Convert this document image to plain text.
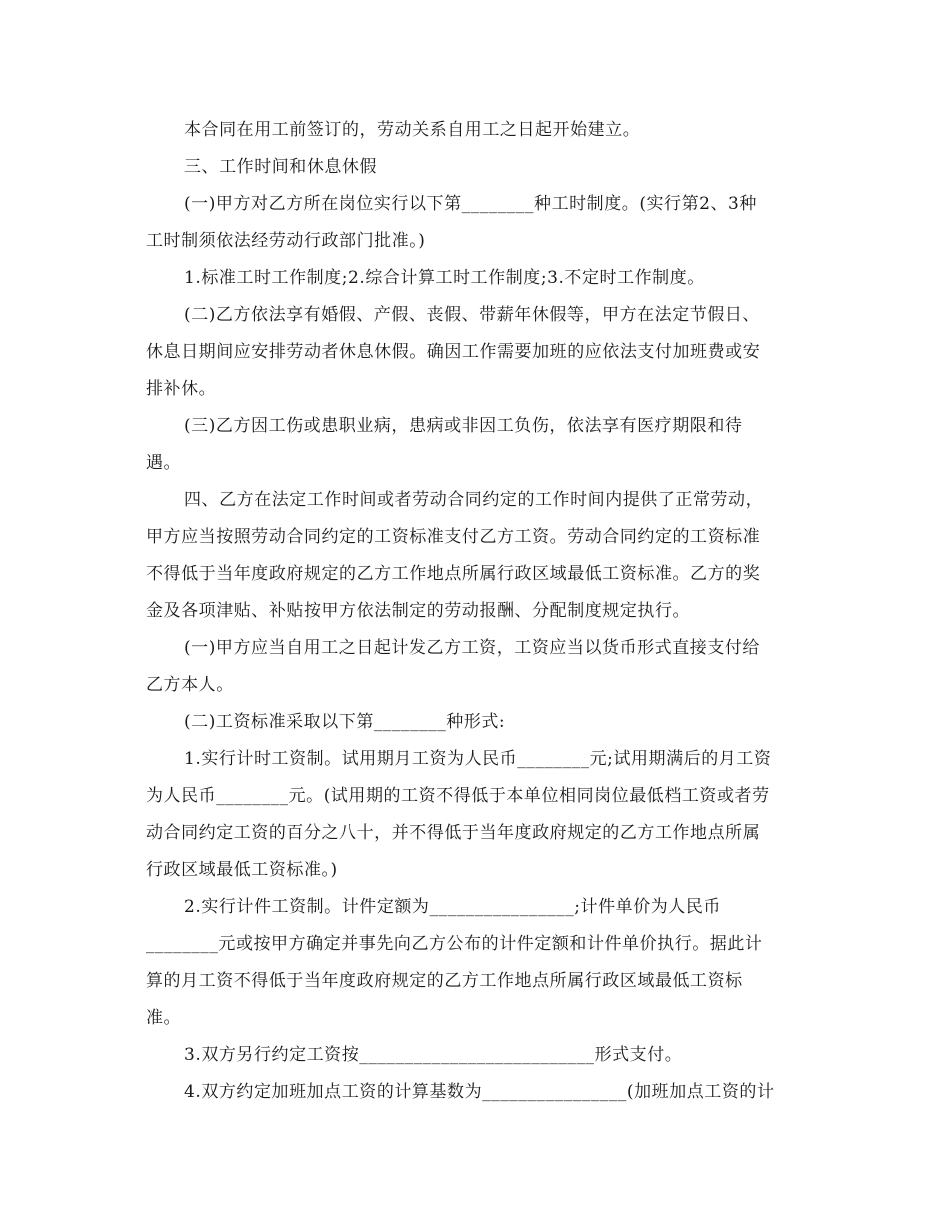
本合同在用工前签订的，劳动关系自用工之日起开始建立。
三、工作时间和休息休假
(一)甲方对乙方所在岗位实行以下第________种工时制度。(实行第2、3种
工时制须依法经劳动行政部门批准。)
1.标准工时工作制度;2.综合计算工时工作制度;3.不定时工作制度。
(二)乙方依法享有婚假、产假、丧假、带薪年休假等，甲方在法定节假日、
休息日期间应安排劳动者休息休假。确因工作需要加班的应依法支付加班费或安
排补休。
(三)乙方因工伤或患职业病，患病或非因工负伤，依法享有医疗期限和待
遇。
四、乙方在法定工作时间或者劳动合同约定的工作时间内提供了正常劳动，
甲方应当按照劳动合同约定的工资标准支付乙方工资。劳动合同约定的工资标准
不得低于当年度政府规定的乙方工作地点所属行政区域最低工资标准。乙方的奖
金及各项津贴、补贴按甲方依法制定的劳动报酬、分配制度规定执行。
(一)甲方应当自用工之日起计发乙方工资，工资应当以货币形式直接支付给
乙方本人。
(二)工资标准采取以下第________种形式:
1.实行计时工资制。试用期月工资为人民币________元;试用期满后的月工资
为人民币________元。(试用期的工资不得低于本单位相同岗位最低档工资或者劳
动合同约定工资的百分之八十，并不得低于当年度政府规定的乙方工作地点所属
行政区域最低工资标准。)
2.实行计件工资制。计件定额为________________;计件单价为人民币
________元或按甲方确定并事先向乙方公布的计件定额和计件单价执行。据此计
算的月工资不得低于当年度政府规定的乙方工作地点所属行政区域最低工资标
准。
3.双方另行约定工资按__________________________形式支付。
4.双方约定加班加点工资的计算基数为________________(加班加点工资的计
